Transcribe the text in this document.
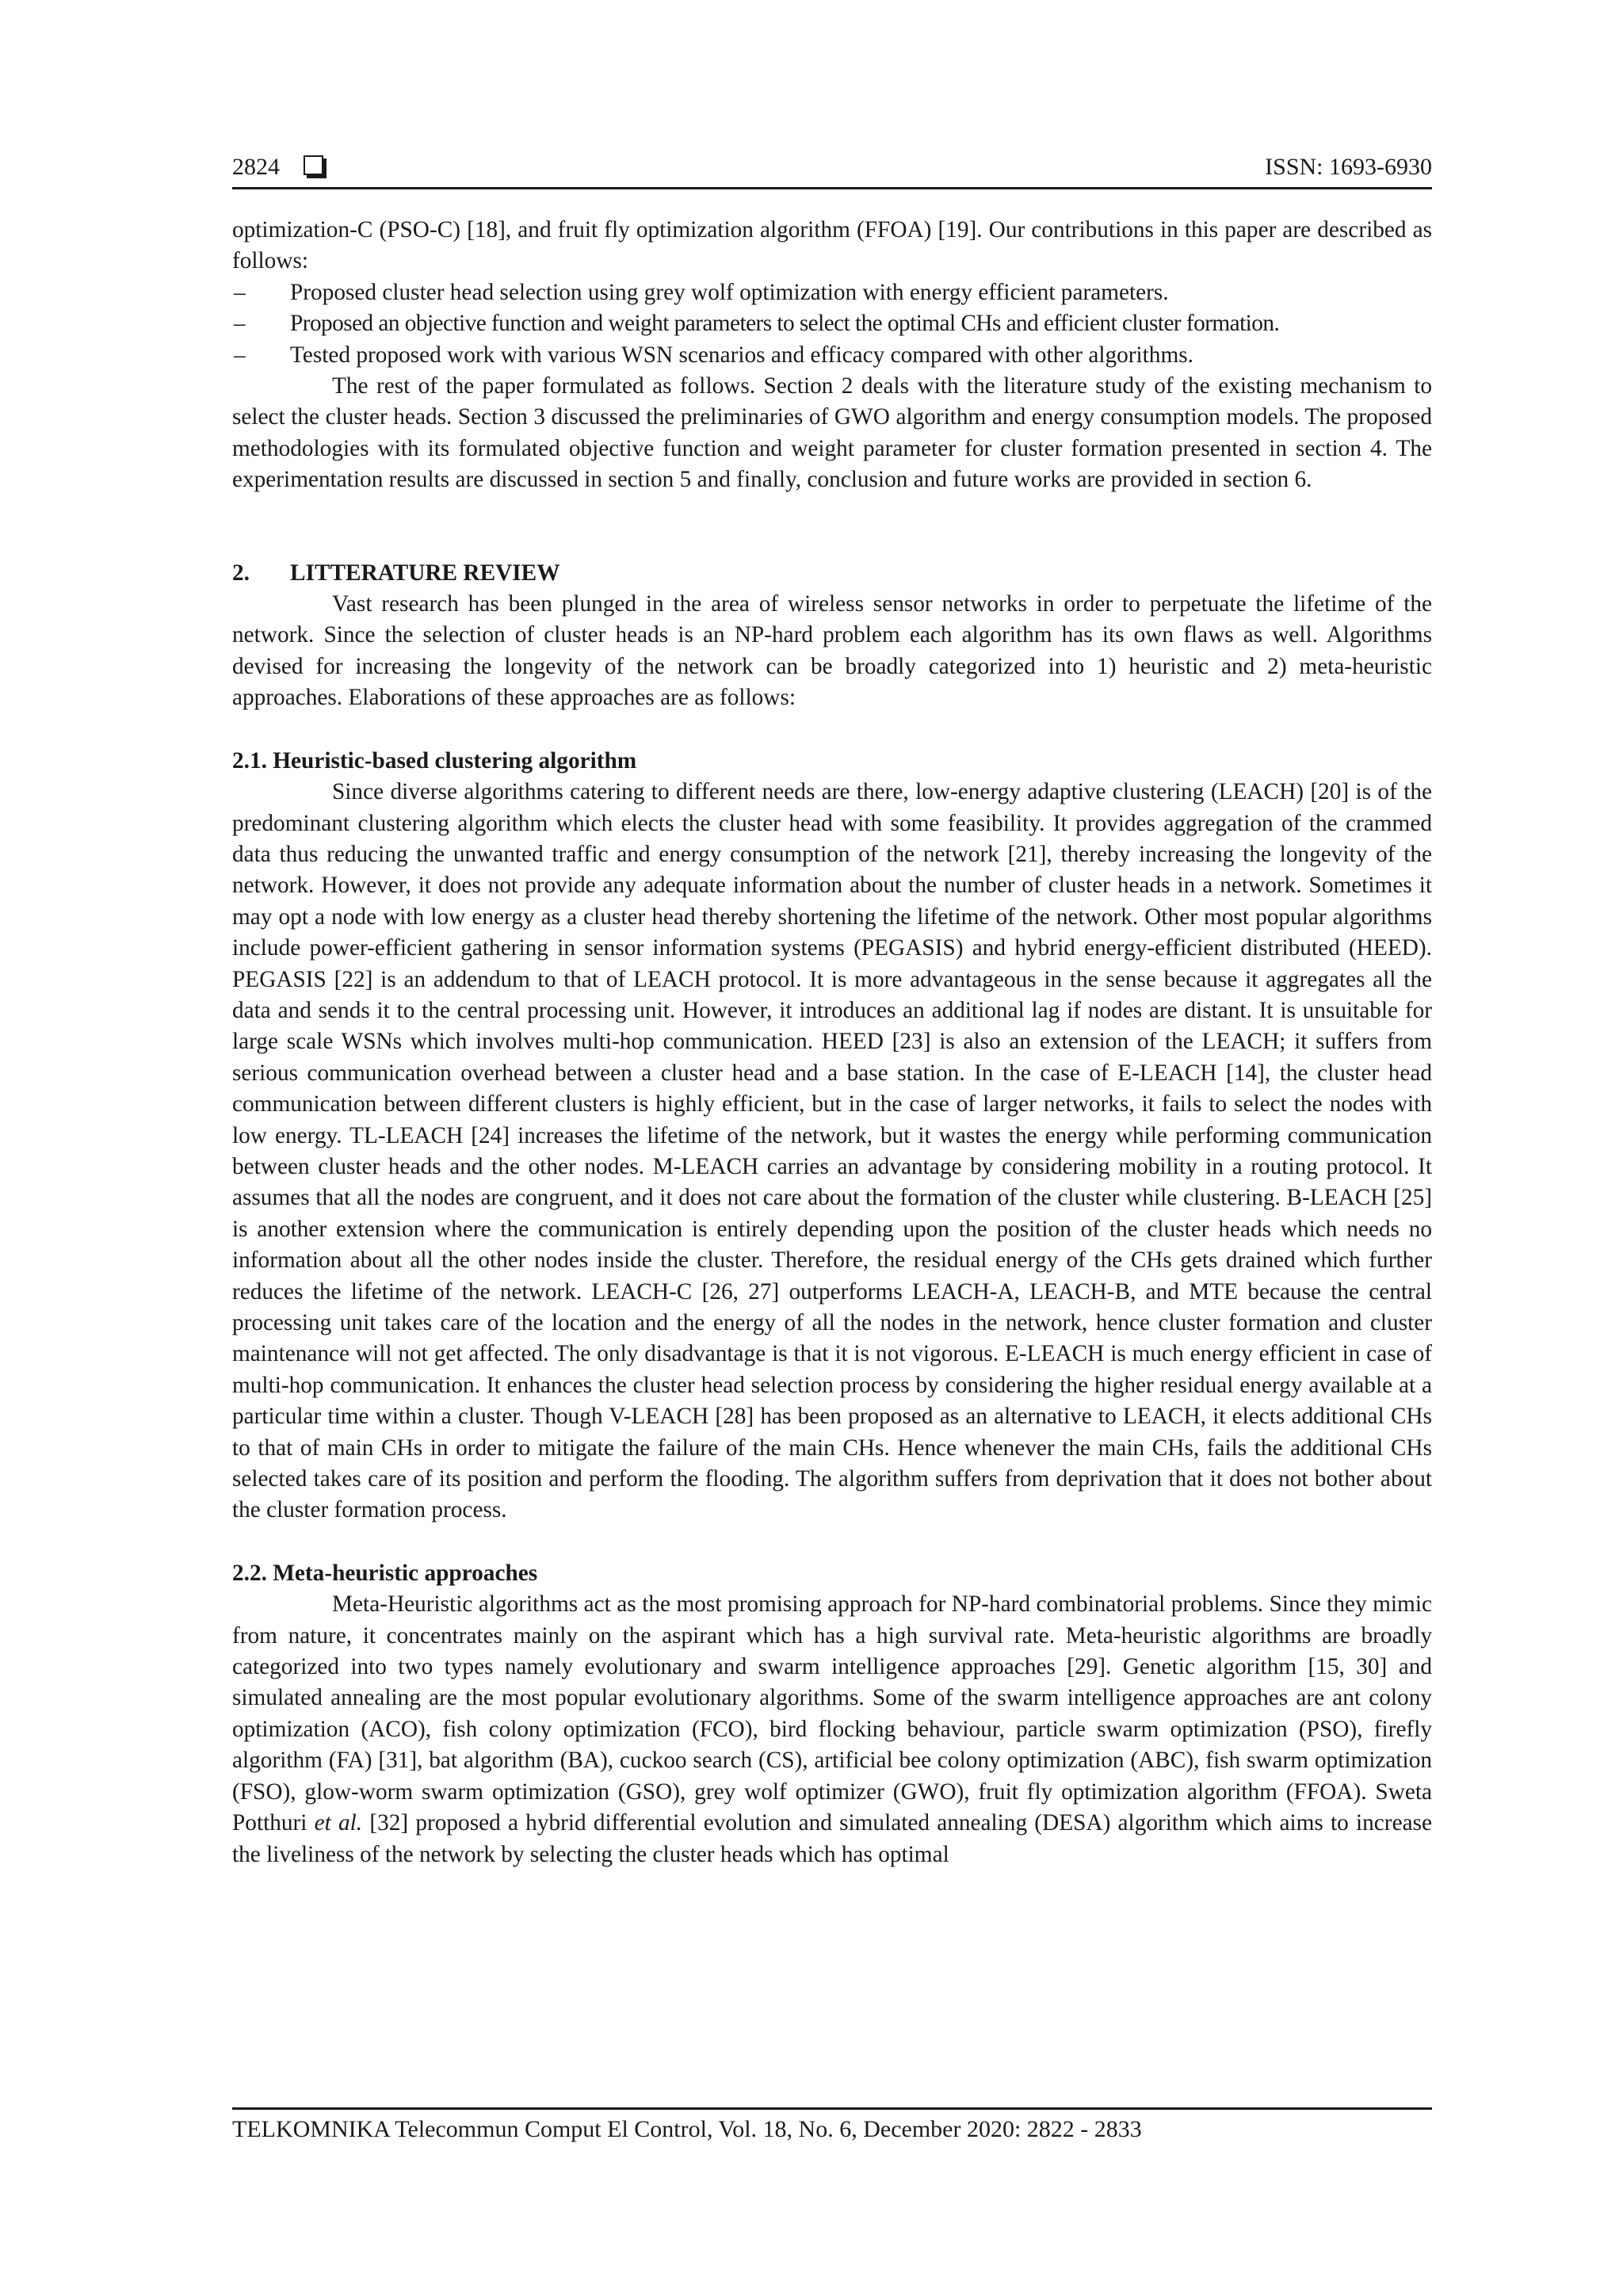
2824	ISSN: 1693-6930

optimization-C (PSO-C) [18], and fruit fly optimization algorithm (FFOA) [19]. Our contributions in this paper are described as follows:

– Proposed cluster head selection using grey wolf optimization with energy efficient parameters.
– Proposed an objective function and weight parameters to select the optimal CHs and efficient cluster formation.
– Tested proposed work with various WSN scenarios and efficacy compared with other algorithms.

The rest of the paper formulated as follows. Section 2 deals with the literature study of the existing mechanism to select the cluster heads. Section 3 discussed the preliminaries of GWO algorithm and energy consumption models. The proposed methodologies with its formulated objective function and weight parameter for cluster formation presented in section 4. The experimentation results are discussed in section 5 and finally, conclusion and future works are provided in section 6.

2.	LITTERATURE REVIEW

Vast research has been plunged in the area of wireless sensor networks in order to perpetuate the lifetime of the network. Since the selection of cluster heads is an NP-hard problem each algorithm has its own flaws as well. Algorithms devised for increasing the longevity of the network can be broadly categorized into 1) heuristic and 2) meta-heuristic approaches. Elaborations of these approaches are as follows:

2.1. Heuristic-based clustering algorithm

Since diverse algorithms catering to different needs are there, low-energy adaptive clustering (LEACH) [20] is of the predominant clustering algorithm which elects the cluster head with some feasibility. It provides aggregation of the crammed data thus reducing the unwanted traffic and energy consumption of the network [21], thereby increasing the longevity of the network. However, it does not provide any adequate information about the number of cluster heads in a network. Sometimes it may opt a node with low energy as a cluster head thereby shortening the lifetime of the network. Other most popular algorithms include power-efficient gathering in sensor information systems (PEGASIS) and hybrid energy-efficient distributed (HEED). PEGASIS [22] is an addendum to that of LEACH protocol. It is more advantageous in the sense because it aggregates all the data and sends it to the central processing unit. However, it introduces an additional lag if nodes are distant. It is unsuitable for large scale WSNs which involves multi-hop communication. HEED [23] is also an extension of the LEACH; it suffers from serious communication overhead between a cluster head and a base station. In the case of E-LEACH [14], the cluster head communication between different clusters is highly efficient, but in the case of larger networks, it fails to select the nodes with low energy. TL-LEACH [24] increases the lifetime of the network, but it wastes the energy while performing communication between cluster heads and the other nodes. M-LEACH carries an advantage by considering mobility in a routing protocol. It assumes that all the nodes are congruent, and it does not care about the formation of the cluster while clustering. B-LEACH [25] is another extension where the communication is entirely depending upon the position of the cluster heads which needs no information about all the other nodes inside the cluster. Therefore, the residual energy of the CHs gets drained which further reduces the lifetime of the network. LEACH-C [26, 27] outperforms LEACH-A, LEACH-B, and MTE because the central processing unit takes care of the location and the energy of all the nodes in the network, hence cluster formation and cluster maintenance will not get affected. The only disadvantage is that it is not vigorous. E-LEACH is much energy efficient in case of multi-hop communication. It enhances the cluster head selection process by considering the higher residual energy available at a particular time within a cluster. Though V-LEACH [28] has been proposed as an alternative to LEACH, it elects additional CHs to that of main CHs in order to mitigate the failure of the main CHs. Hence whenever the main CHs, fails the additional CHs selected takes care of its position and perform the flooding. The algorithm suffers from deprivation that it does not bother about the cluster formation process.

2.2. Meta-heuristic approaches

Meta-Heuristic algorithms act as the most promising approach for NP-hard combinatorial problems. Since they mimic from nature, it concentrates mainly on the aspirant which has a high survival rate. Meta-heuristic algorithms are broadly categorized into two types namely evolutionary and swarm intelligence approaches [29]. Genetic algorithm [15, 30] and simulated annealing are the most popular evolutionary algorithms. Some of the swarm intelligence approaches are ant colony optimization (ACO), fish colony optimization (FCO), bird flocking behaviour, particle swarm optimization (PSO), firefly algorithm (FA) [31], bat algorithm (BA), cuckoo search (CS), artificial bee colony optimization (ABC), fish swarm optimization (FSO), glow-worm swarm optimization (GSO), grey wolf optimizer (GWO), fruit fly optimization algorithm (FFOA). Sweta Potthuri et al. [32] proposed a hybrid differential evolution and simulated annealing (DESA) algorithm which aims to increase the liveliness of the network by selecting the cluster heads which has optimal

TELKOMNIKA Telecommun Comput El Control, Vol. 18, No. 6, December 2020: 2822 - 2833
